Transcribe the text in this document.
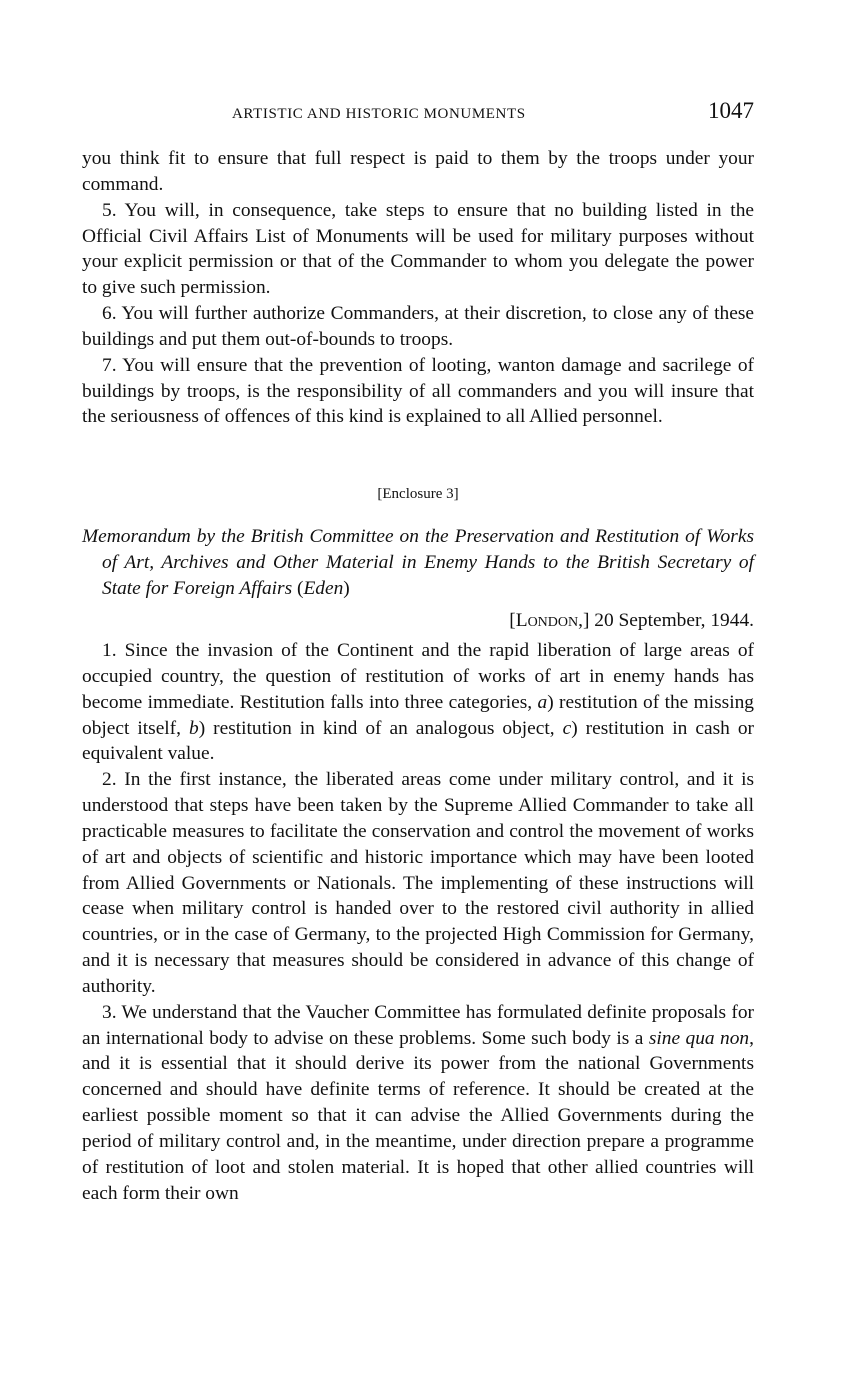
ARTISTIC AND HISTORIC MONUMENTS	1047

you think fit to ensure that full respect is paid to them by the troops under your command.

5. You will, in consequence, take steps to ensure that no building listed in the Official Civil Affairs List of Monuments will be used for military purposes without your explicit permission or that of the Commander to whom you delegate the power to give such permission.

6. You will further authorize Commanders, at their discretion, to close any of these buildings and put them out-of-bounds to troops.

7. You will ensure that the prevention of looting, wanton damage and sacrilege of buildings by troops, is the responsibility of all commanders and you will insure that the seriousness of offences of this kind is explained to all Allied personnel.

[Enclosure 3]

Memorandum by the British Committee on the Preservation and Restitution of Works of Art, Archives and Other Material in Enemy Hands to the British Secretary of State for Foreign Affairs (Eden)

[London,] 20 September, 1944.

1. Since the invasion of the Continent and the rapid liberation of large areas of occupied country, the question of restitution of works of art in enemy hands has become immediate. Restitution falls into three categories, a) restitution of the missing object itself, b) restitution in kind of an analogous object, c) restitution in cash or equivalent value.

2. In the first instance, the liberated areas come under military control, and it is understood that steps have been taken by the Supreme Allied Commander to take all practicable measures to facilitate the conservation and control the movement of works of art and objects of scientific and historic importance which may have been looted from Allied Governments or Nationals. The implementing of these instructions will cease when military control is handed over to the restored civil authority in allied countries, or in the case of Germany, to the projected High Commission for Germany, and it is necessary that measures should be considered in advance of this change of authority.

3. We understand that the Vaucher Committee has formulated definite proposals for an international body to advise on these problems. Some such body is a sine qua non, and it is essential that it should derive its power from the national Governments concerned and should have definite terms of reference. It should be created at the earliest possible moment so that it can advise the Allied Governments during the period of military control and, in the meantime, under direction prepare a programme of restitution of loot and stolen material. It is hoped that other allied countries will each form their own
